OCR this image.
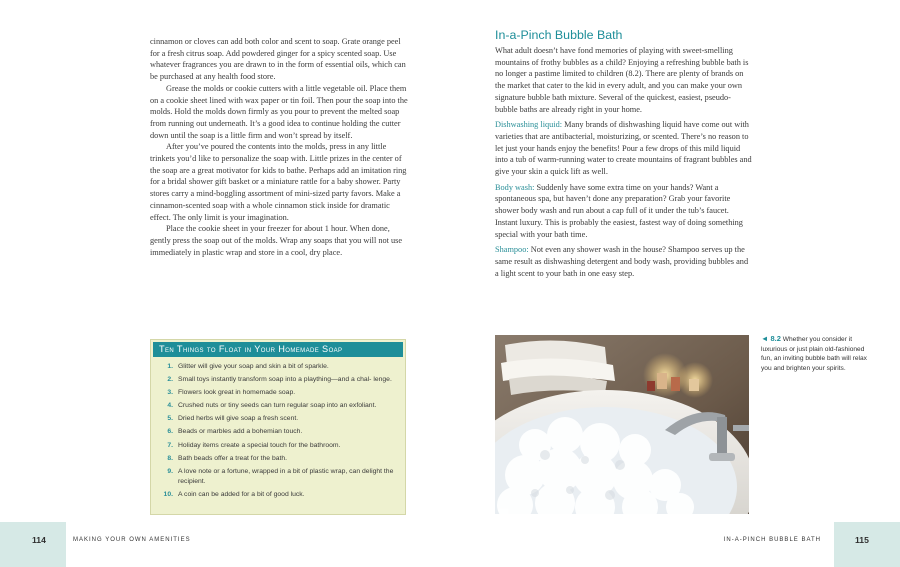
cinnamon or cloves can add both color and scent to soap. Grate orange peel for a fresh citrus soap. Add powdered ginger for a spicy scented soap. Use whatever fragrances you are drawn to in the form of essential oils, which can be purchased at any health food store.

Grease the molds or cookie cutters with a little vegetable oil. Place them on a cookie sheet lined with wax paper or tin foil. Then pour the soap into the molds. Hold the molds down firmly as you pour to prevent the melted soap from running out underneath. It’s a good idea to continue holding the cutter down until the soap is a little firm and won’t spread by itself.

After you’ve poured the contents into the molds, press in any little trinkets you’d like to personalize the soap with. Little prizes in the center of the soap are a great motivator for kids to bathe. Perhaps add an imitation ring for a bridal shower gift basket or a miniature rattle for a baby shower. Party stores carry a mind-boggling assortment of mini-sized party favors. Make a cinnamon-scented soap with a whole cinnamon stick inside for dramatic effect. The only limit is your imagination.

Place the cookie sheet in your freezer for about 1 hour. When done, gently press the soap out of the molds. Wrap any soaps that you will not use immediately in plastic wrap and store in a cool, dry place.

Ten Things to Float in Your Homemade Soap
1. Glitter will give your soap and skin a bit of sparkle.
2. Small toys instantly transform soap into a plaything—and a chal- lenge.
3. Flowers look great in homemade soap.
4. Crushed nuts or tiny seeds can turn regular soap into an exfoliant.
5. Dried herbs will give soap a fresh scent.
6. Beads or marbles add a bohemian touch.
7. Holiday items create a special touch for the bathroom.
8. Bath beads offer a treat for the bath.
9. A love note or a fortune, wrapped in a bit of plastic wrap, can delight the recipient.
10. A coin can be added for a bit of good luck.
In-a-Pinch Bubble Bath

What adult doesn’t have fond memories of playing with sweet-smelling mountains of frothy bubbles as a child? Enjoying a refreshing bubble bath is no longer a pastime limited to children (8.2). There are plenty of brands on the market that cater to the kid in every adult, and you can make your own signature bubble bath mixture. Several of the quickest, easiest, pseudo-bubble baths are already right in your home.

Dishwashing liquid: Many brands of dishwashing liquid have come out with varieties that are antibacterial, moisturizing, or scented. There’s no reason to let just your hands enjoy the benefits! Pour a few drops of this mild liquid into a tub of warm-running water to create mountains of fragrant bubbles and give your skin a quick lift as well.

Body wash: Suddenly have some extra time on your hands? Want a spontaneous spa, but haven’t done any preparation? Grab your favorite shower body wash and run about a cap full of it under the tub’s faucet. Instant luxury. This is probably the easiest, fastest way of doing something special with your bath time.

Shampoo: Not even any shower wash in the house? Shampoo serves up the same result as dishwashing detergent and body wash, providing bubbles and a light scent to your bath in one easy step.

◄ 8.2 Whether you consider it luxurious or just plain old-fashioned fun, an inviting bubble bath will relax you and brighten your spirits.
114	MAKING YOUR OWN AMENITIES	115
IN-A-PINCH BUBBLE BATH
